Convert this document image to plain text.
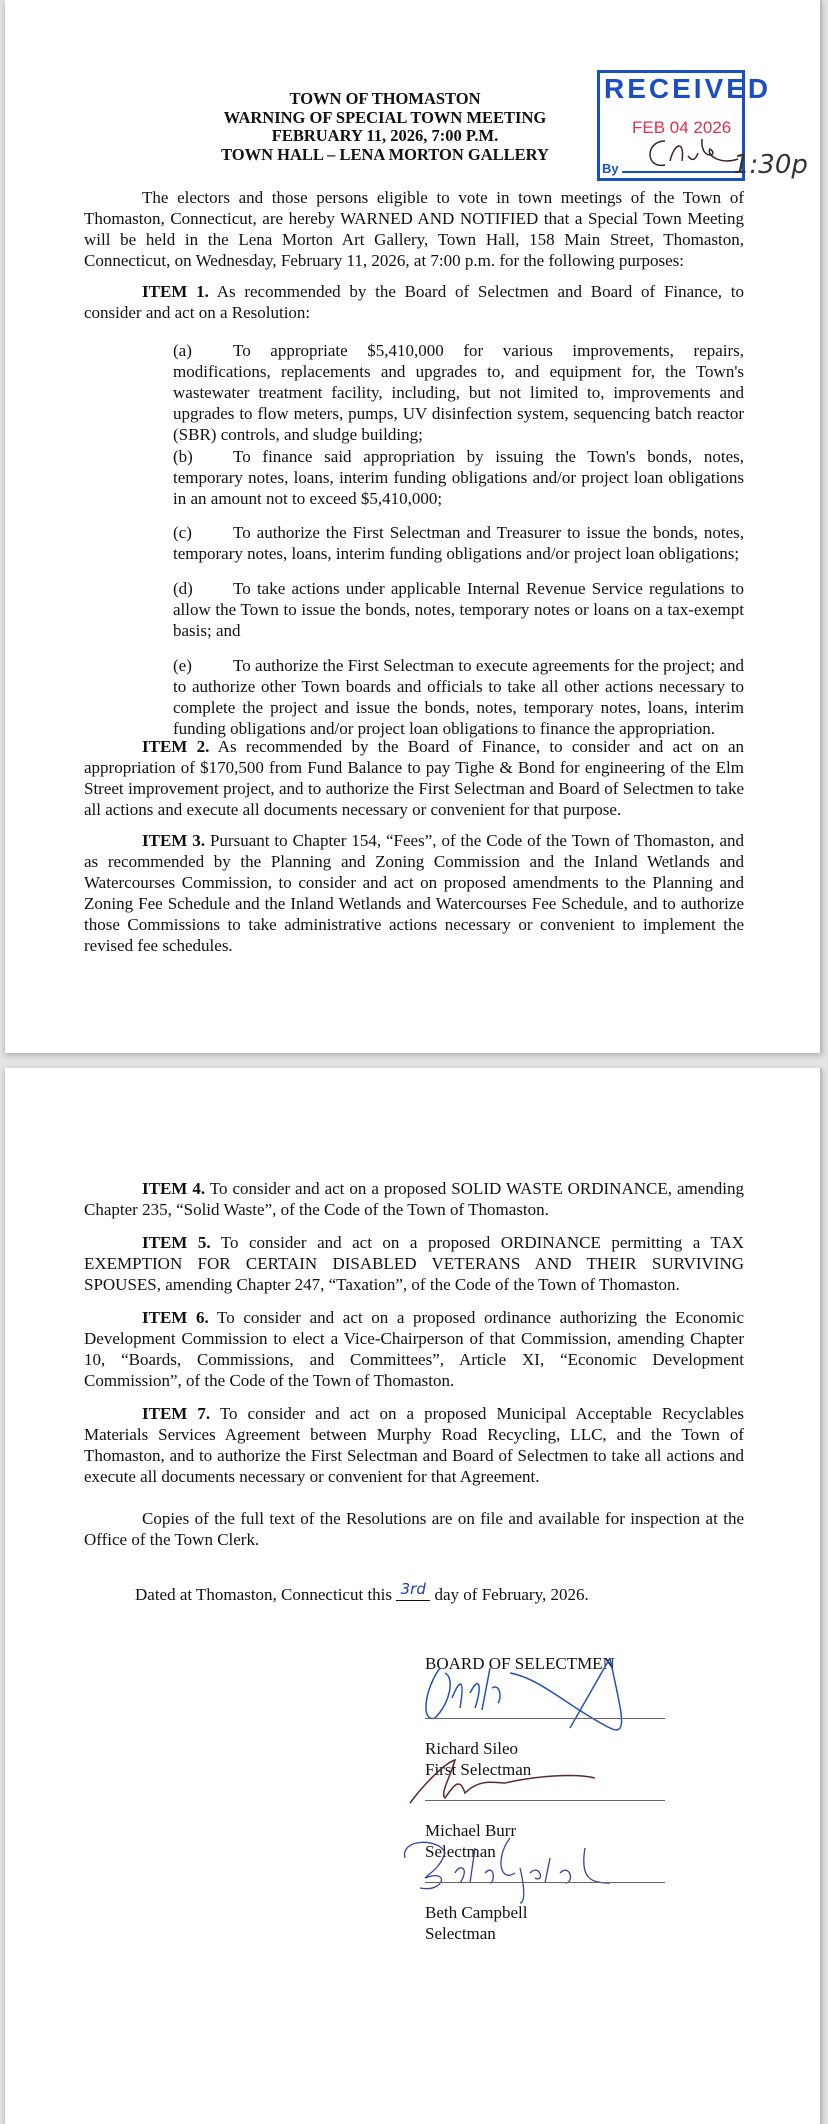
TOWN OF THOMASTON
WARNING OF SPECIAL TOWN MEETING
FEBRUARY 11, 2026, 7:00 P.M.
TOWN HALL – LENA MORTON GALLERY
RECEIVED
FEB 04 2026
By	1:30p
The electors and those persons eligible to vote in town meetings of the Town of Thomaston, Connecticut, are hereby WARNED AND NOTIFIED that a Special Town Meeting will be held in the Lena Morton Art Gallery, Town Hall, 158 Main Street, Thomaston, Connecticut, on Wednesday, February 11, 2026, at 7:00 p.m. for the following purposes:
ITEM 1. As recommended by the Board of Selectmen and Board of Finance, to consider and act on a Resolution:
(a) To appropriate $5,410,000 for various improvements, repairs, modifications, replacements and upgrades to, and equipment for, the Town's wastewater treatment facility, including, but not limited to, improvements and upgrades to flow meters, pumps, UV disinfection system, sequencing batch reactor (SBR) controls, and sludge building;
(b) To finance said appropriation by issuing the Town's bonds, notes, temporary notes, loans, interim funding obligations and/or project loan obligations in an amount not to exceed $5,410,000;
(c) To authorize the First Selectman and Treasurer to issue the bonds, notes, temporary notes, loans, interim funding obligations and/or project loan obligations;
(d) To take actions under applicable Internal Revenue Service regulations to allow the Town to issue the bonds, notes, temporary notes or loans on a tax-exempt basis; and
(e) To authorize the First Selectman to execute agreements for the project; and to authorize other Town boards and officials to take all other actions necessary to complete the project and issue the bonds, notes, temporary notes, loans, interim funding obligations and/or project loan obligations to finance the appropriation.
ITEM 2. As recommended by the Board of Finance, to consider and act on an appropriation of $170,500 from Fund Balance to pay Tighe & Bond for engineering of the Elm Street improvement project, and to authorize the First Selectman and Board of Selectmen to take all actions and execute all documents necessary or convenient for that purpose.
ITEM 3. Pursuant to Chapter 154, “Fees”, of the Code of the Town of Thomaston, and as recommended by the Planning and Zoning Commission and the Inland Wetlands and Watercourses Commission, to consider and act on proposed amendments to the Planning and Zoning Fee Schedule and the Inland Wetlands and Watercourses Fee Schedule, and to authorize those Commissions to take administrative actions necessary or convenient to implement the revised fee schedules.
ITEM 4. To consider and act on a proposed SOLID WASTE ORDINANCE, amending Chapter 235, “Solid Waste”, of the Code of the Town of Thomaston.
ITEM 5. To consider and act on a proposed ORDINANCE permitting a TAX EXEMPTION FOR CERTAIN DISABLED VETERANS AND THEIR SURVIVING SPOUSES, amending Chapter 247, “Taxation”, of the Code of the Town of Thomaston.
ITEM 6. To consider and act on a proposed ordinance authorizing the Economic Development Commission to elect a Vice-Chairperson of that Commission, amending Chapter 10, “Boards, Commissions, and Committees”, Article XI, “Economic Development Commission”, of the Code of the Town of Thomaston.
ITEM 7. To consider and act on a proposed Municipal Acceptable Recyclables Materials Services Agreement between Murphy Road Recycling, LLC, and the Town of Thomaston, and to authorize the First Selectman and Board of Selectmen to take all actions and execute all documents necessary or convenient for that Agreement.
Copies of the full text of the Resolutions are on file and available for inspection at the Office of the Town Clerk.
Dated at Thomaston, Connecticut this 3rd day of February, 2026.
BOARD OF SELECTMEN
Richard Sileo
First Selectman
Michael Burr
Selectman
Beth Campbell
Selectman
